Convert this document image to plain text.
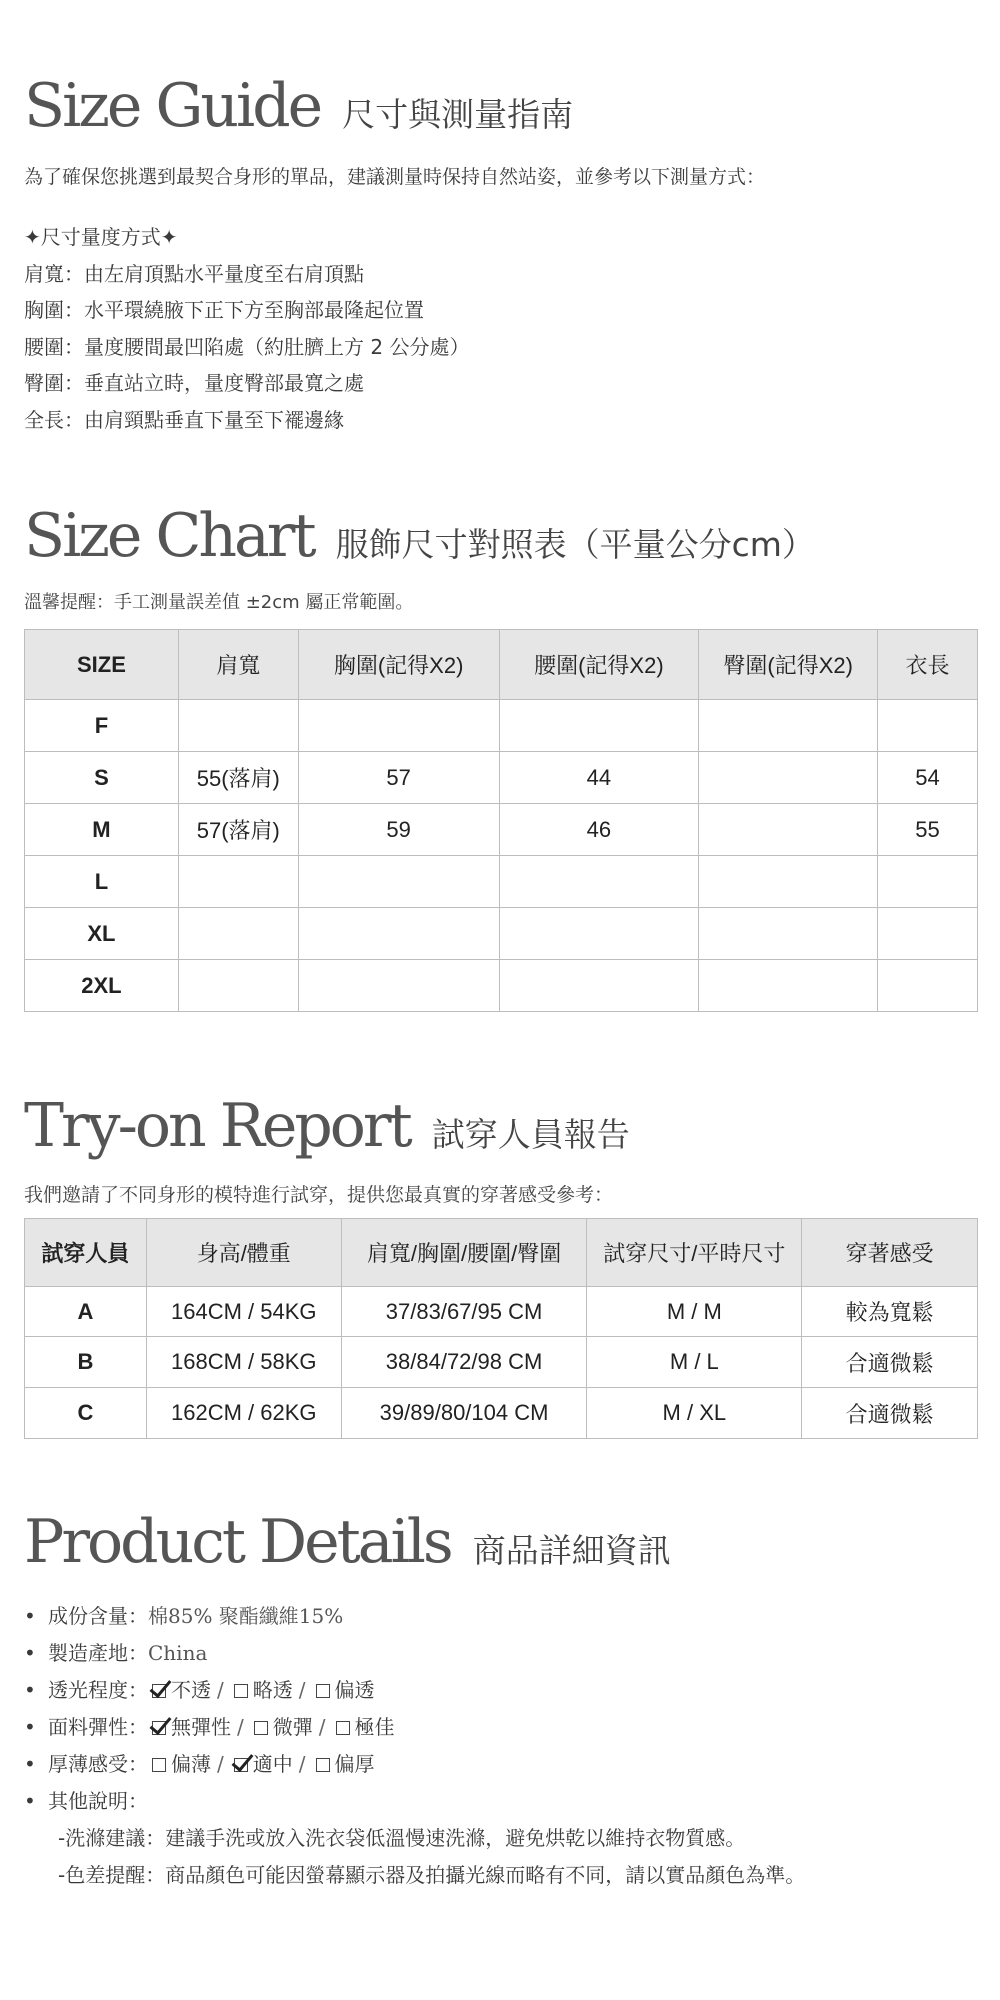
Size Guide 尺寸與測量指南
為了確保您挑選到最契合身形的單品，建議測量時保持自然站姿，並參考以下測量方式：
✦尺寸量度方式✦
肩寬：由左肩頂點水平量度至右肩頂點
胸圍：水平環繞腋下正下方至胸部最隆起位置
腰圍：量度腰間最凹陷處（約肚臍上方 2 公分處）
臀圍：垂直站立時，量度臀部最寬之處
全長：由肩頸點垂直下量至下襬邊緣
Size Chart 服飾尺寸對照表（平量公分cm）
溫馨提醒：手工測量誤差值 ±2cm 屬正常範圍。
SIZE	肩寬	胸圍(記得X2)	腰圍(記得X2)	臀圍(記得X2)	衣長
F					
S	55(落肩)	57	44		54
M	57(落肩)	59	46		55
L					
XL					
2XL					
Try-on Report 試穿人員報告
我們邀請了不同身形的模特進行試穿，提供您最真實的穿著感受參考：
試穿人員	身高/體重	肩寬/胸圍/腰圍/臀圍	試穿尺寸/平時尺寸	穿著感受
A	164CM / 54KG	37/83/67/95 CM	M / M	較為寬鬆
B	168CM / 58KG	38/84/72/98 CM	M / L	合適微鬆
C	162CM / 62KG	39/89/80/104 CM	M / XL	合適微鬆
Product Details 商品詳細資訊
• 成份含量： 棉85% 聚酯纖維15%
• 製造產地： China
• 透光程度： 不透 / 略透 / 偏透
• 面料彈性： 無彈性 / 微彈 / 極佳
• 厚薄感受： 偏薄 / 適中 / 偏厚
• 其他說明：
-洗滌建議：建議手洗或放入洗衣袋低溫慢速洗滌，避免烘乾以維持衣物質感。
-色差提醒：商品顏色可能因螢幕顯示器及拍攝光線而略有不同，請以實品顏色為準。
